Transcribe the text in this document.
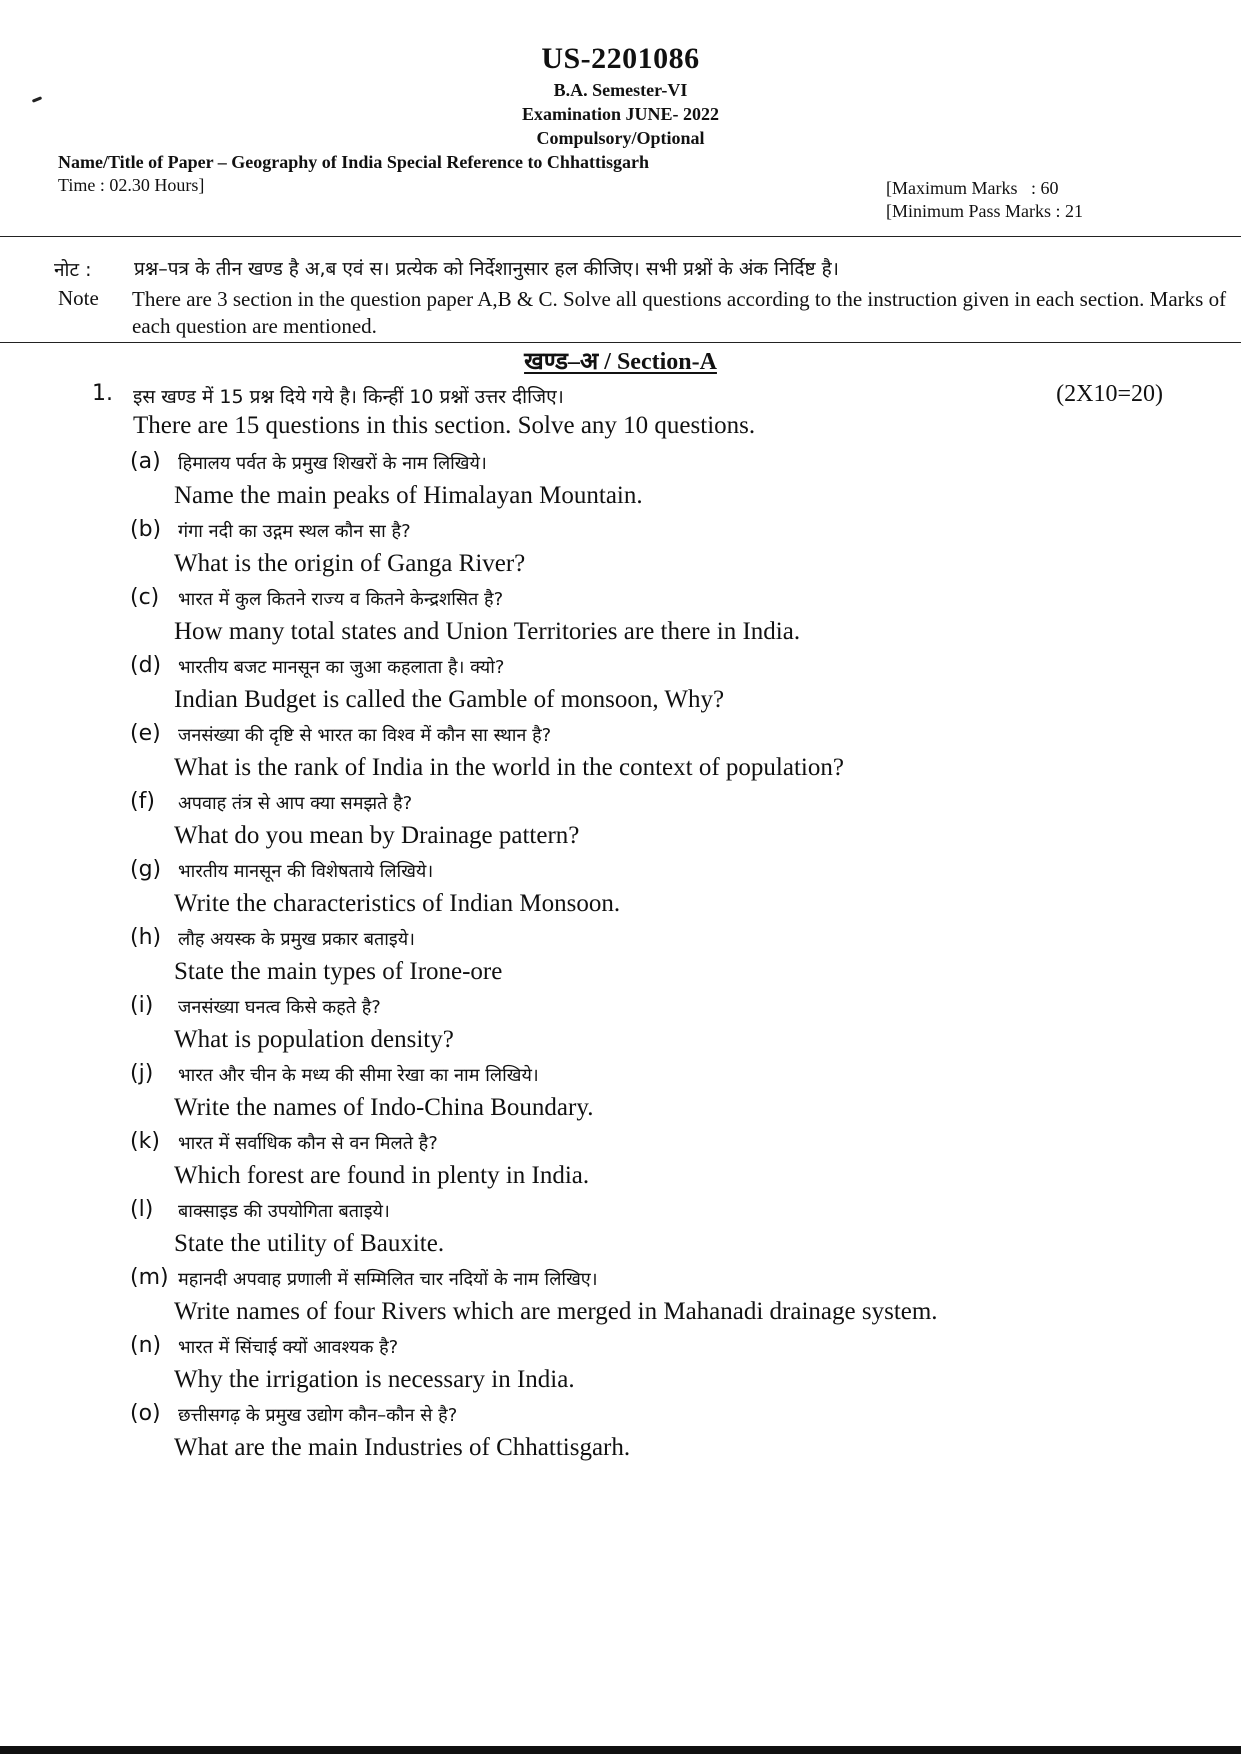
US-2201086
B.A. Semester-VI
Examination JUNE- 2022
Compulsory/Optional
Name/Title of Paper – Geography of India Special Reference to Chhattisgarh
Time : 02.30 Hours]	[Maximum Marks   : 60
[Minimum Pass Marks : 21
नोट :	प्रश्न–पत्र के तीन खण्ड है अ,ब एवं स। प्रत्येक को निर्देशानुसार हल कीजिए। सभी प्रश्नों के अंक निर्दिष्ट है।
Note	There are 3 section in the question paper A,B & C. Solve all questions according to the instruction given in each section. Marks of each question are mentioned.
खण्ड–अ / Section-A
1. इस खण्ड में 15 प्रश्न दिये गये है। किन्हीं 10 प्रश्नों उत्तर दीजिए।	(2X10=20)
There are 15 questions in this section. Solve any 10 questions.
(a) हिमालय पर्वत के प्रमुख शिखरों के नाम लिखिये।
Name the main peaks of Himalayan Mountain.
(b) गंगा नदी का उद्गम स्थल कौन सा है?
What is the origin of Ganga River?
(c) भारत में कुल कितने राज्य व कितने केन्द्रशसित है?
How many total states and Union Territories are there in India.
(d) भारतीय बजट मानसून का जुआ कहलाता है। क्यो?
Indian Budget is called the Gamble of monsoon, Why?
(e) जनसंख्या की दृष्टि से भारत का विश्व में कौन सा स्थान है?
What is the rank of India in the world in the context of population?
(f) अपवाह तंत्र से आप क्या समझते है?
What do you mean by Drainage pattern?
(g) भारतीय मानसून की विशेषताये लिखिये।
Write the characteristics of Indian Monsoon.
(h) लौह अयस्क के प्रमुख प्रकार बताइये।
State the main types of Irone-ore
(i) जनसंख्या घनत्व किसे कहते है?
What is population density?
(j) भारत और चीन के मध्य की सीमा रेखा का नाम लिखिये।
Write the names of Indo-China Boundary.
(k) भारत में सर्वाधिक कौन से वन मिलते है?
Which forest are found in plenty in India.
(l) बाक्साइड की उपयोगिता बताइये।
State the utility of Bauxite.
(m) महानदी अपवाह प्रणाली में सम्मिलित चार नदियों के नाम लिखिए।
Write names of four Rivers which are merged in Mahanadi drainage system.
(n) भारत में सिंचाई क्यों आवश्यक है?
Why the irrigation is necessary in India.
(o) छत्तीसगढ़ के प्रमुख उद्योग कौन–कौन से है?
What are the main Industries of Chhattisgarh.
